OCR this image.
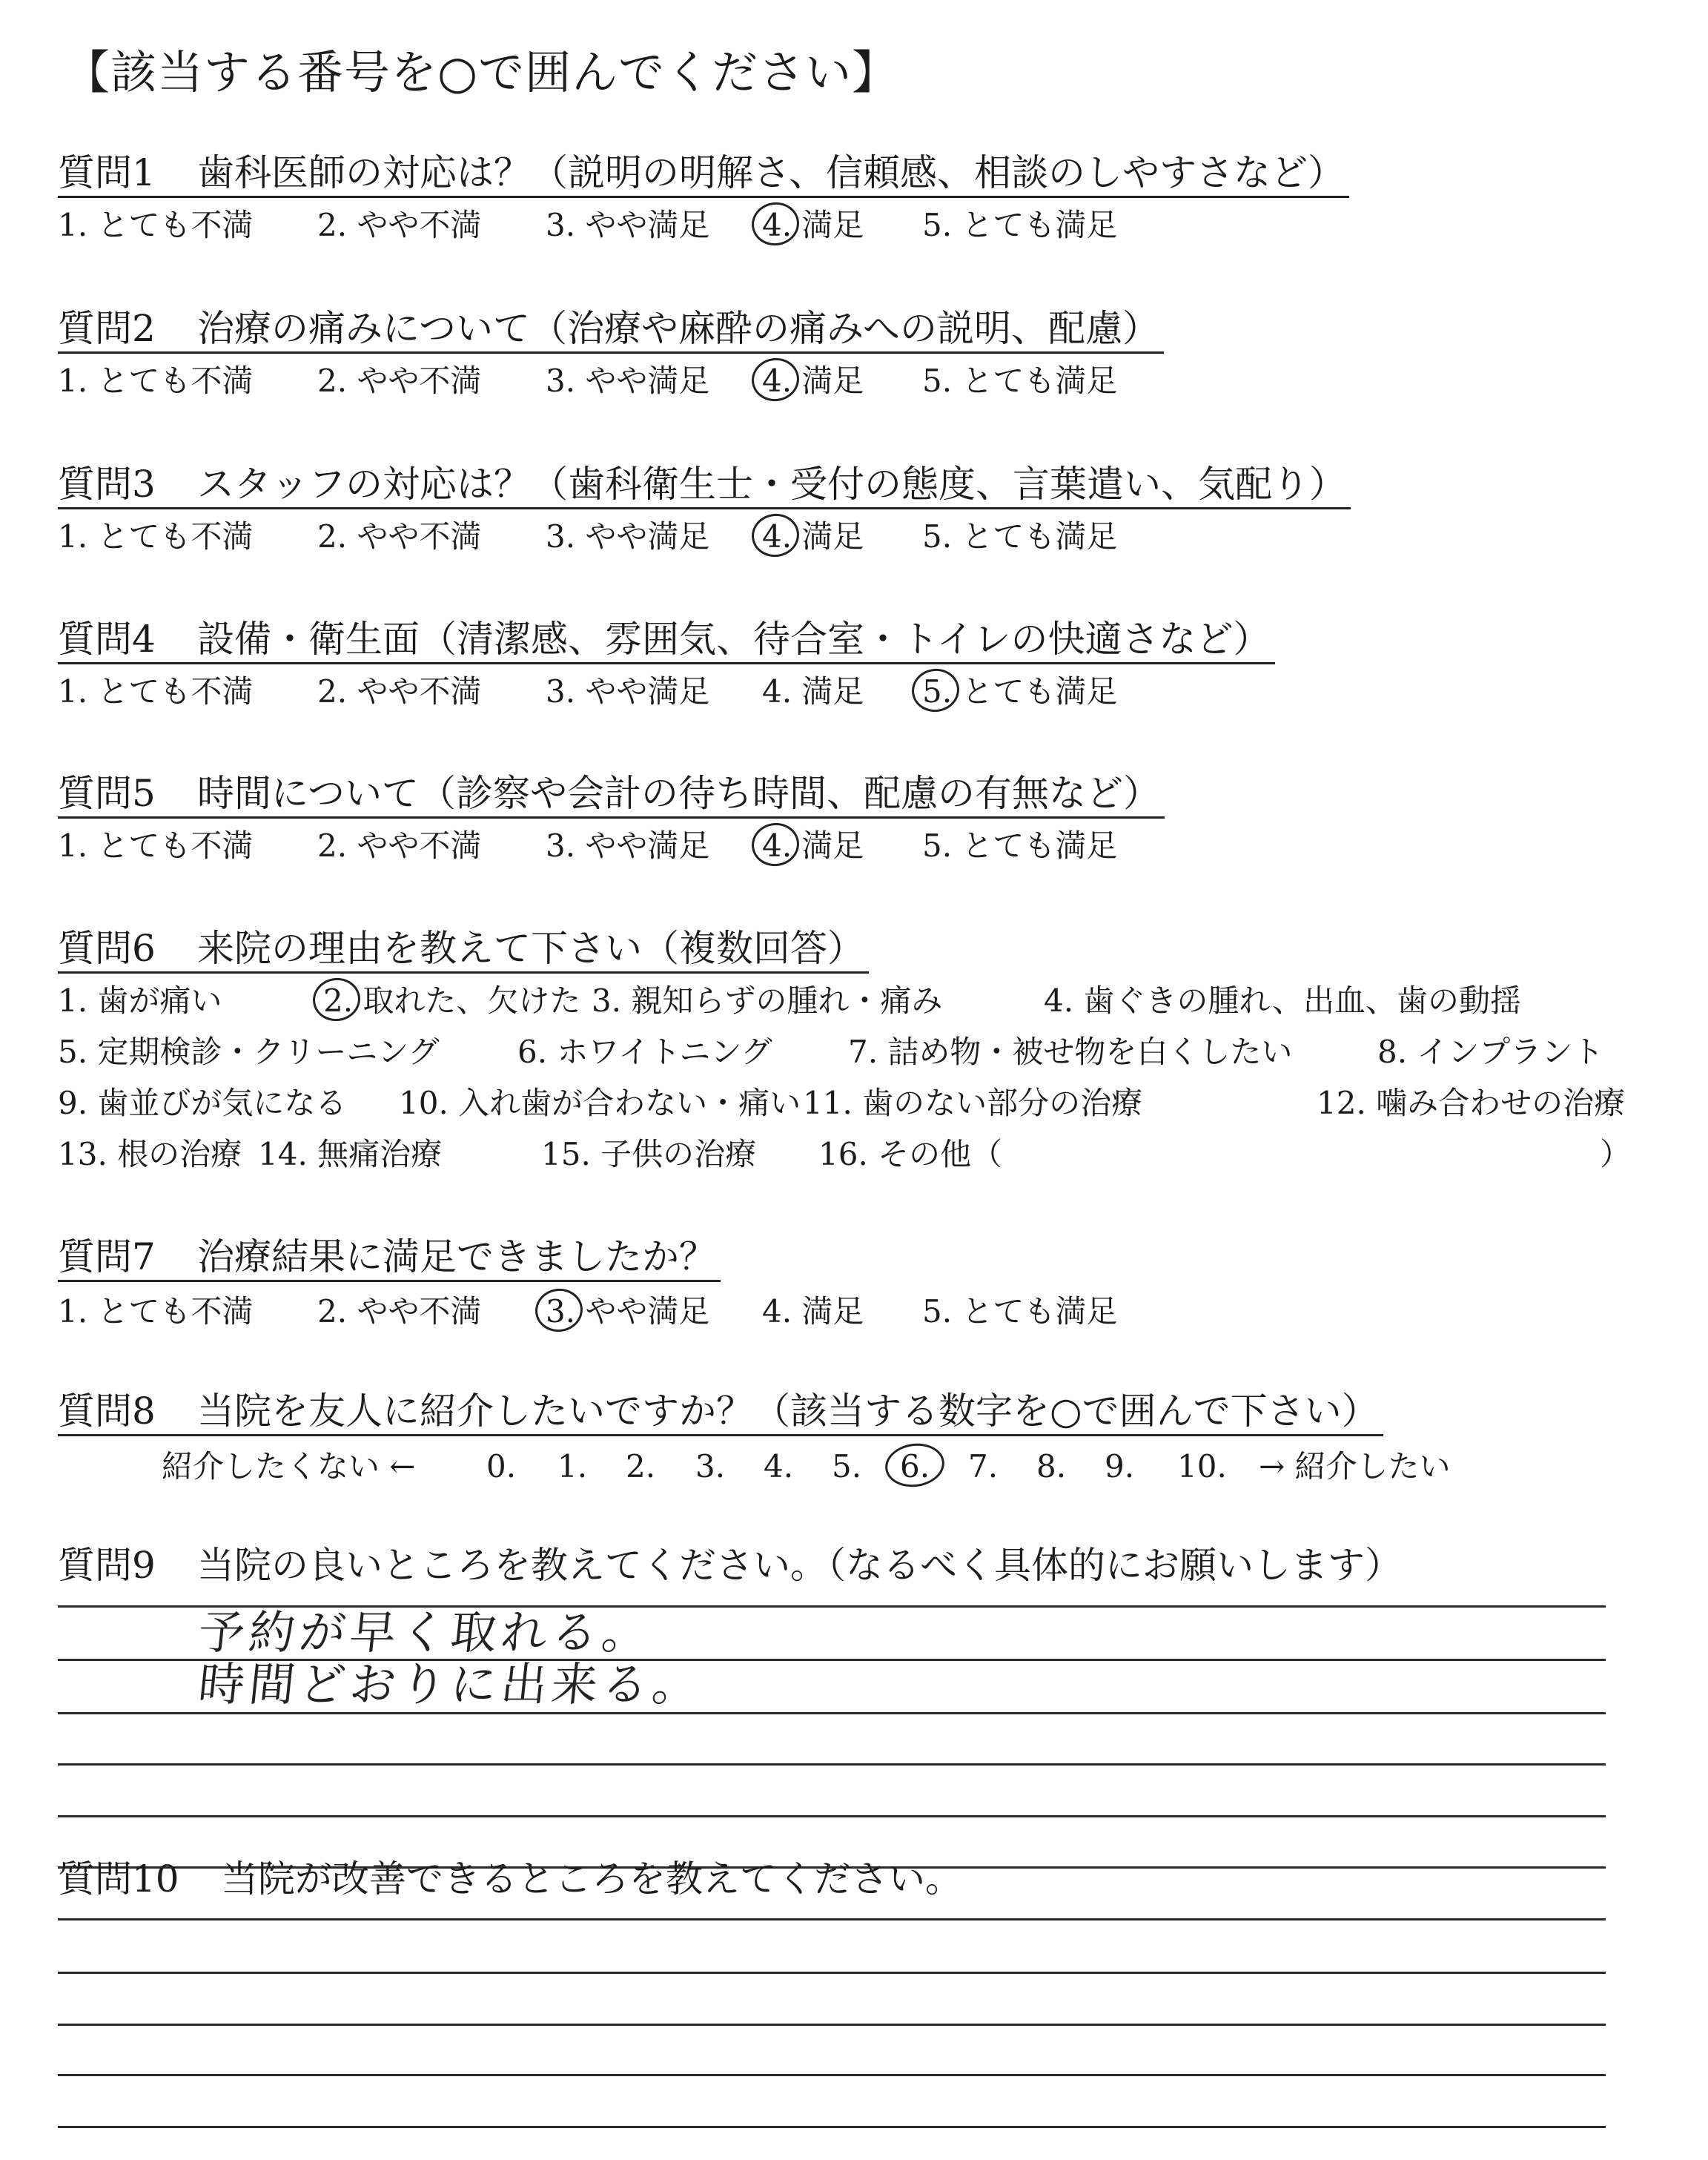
【該当する番号を○で囲んでください】
質問1 歯科医師の対応は？（説明の明解さ、信頼感、相談のしやすさなど）
1. とても不満 2. やや不満 3. やや満足 4.
満足 5. とても満足
質問2 治療の痛みについて（治療や麻酔の痛みへの説明、配慮）
1. とても不満 2. やや不満 3. やや満足 4.
満足 5. とても満足
質問3 スタッフの対応は？（歯科衛生士・受付の態度、言葉遣い、気配り）
1. とても不満 2. やや不満 3. やや満足 4.
満足 5. とても満足
質問4 設備・衛生面（清潔感、雰囲気、待合室・トイレの快適さなど）
1. とても不満 2. やや不満 3. やや満足 4. 満足 5.
とても満足
質問5 時間について（診察や会計の待ち時間、配慮の有無など）
1. とても不満 2. やや不満 3. やや満足 4.
満足 5. とても満足
質問6 来院の理由を教えて下さい（複数回答）
1. 歯が痛い	2.
取れた、欠けた 3. 親知らずの腫れ・痛み	4. 歯ぐきの腫れ、出血、歯の動揺
5. 定期検診・クリーニング	6. ホワイトニング 7. 詰め物・被せ物を白くしたい	8. インプラント
9. 歯並びが気になる 10. 入れ歯が合わない・痛い 11. 歯のない部分の治療	12. 噛み合わせの治療
13. 根の治療 14. 無痛治療	15. 子供の治療 16. その他（	）
質問7 治療結果に満足できましたか？
1. とても不満 2. やや不満 3.
やや満足 4. 満足 5. とても満足
質問8 当院を友人に紹介したいですか？（該当する数字を○で囲んで下さい）
紹介したくない ←	→ 紹介したい
0. 1. 2. 3. 4. 5. 6. 7. 8. 9. 10.
質問9 当院の良いところを教えてください。（なるべく具体的にお願いします）
予約が早く取れる。
時間どおりに出来る。
質問10 当院が改善できるところを教えてください。
